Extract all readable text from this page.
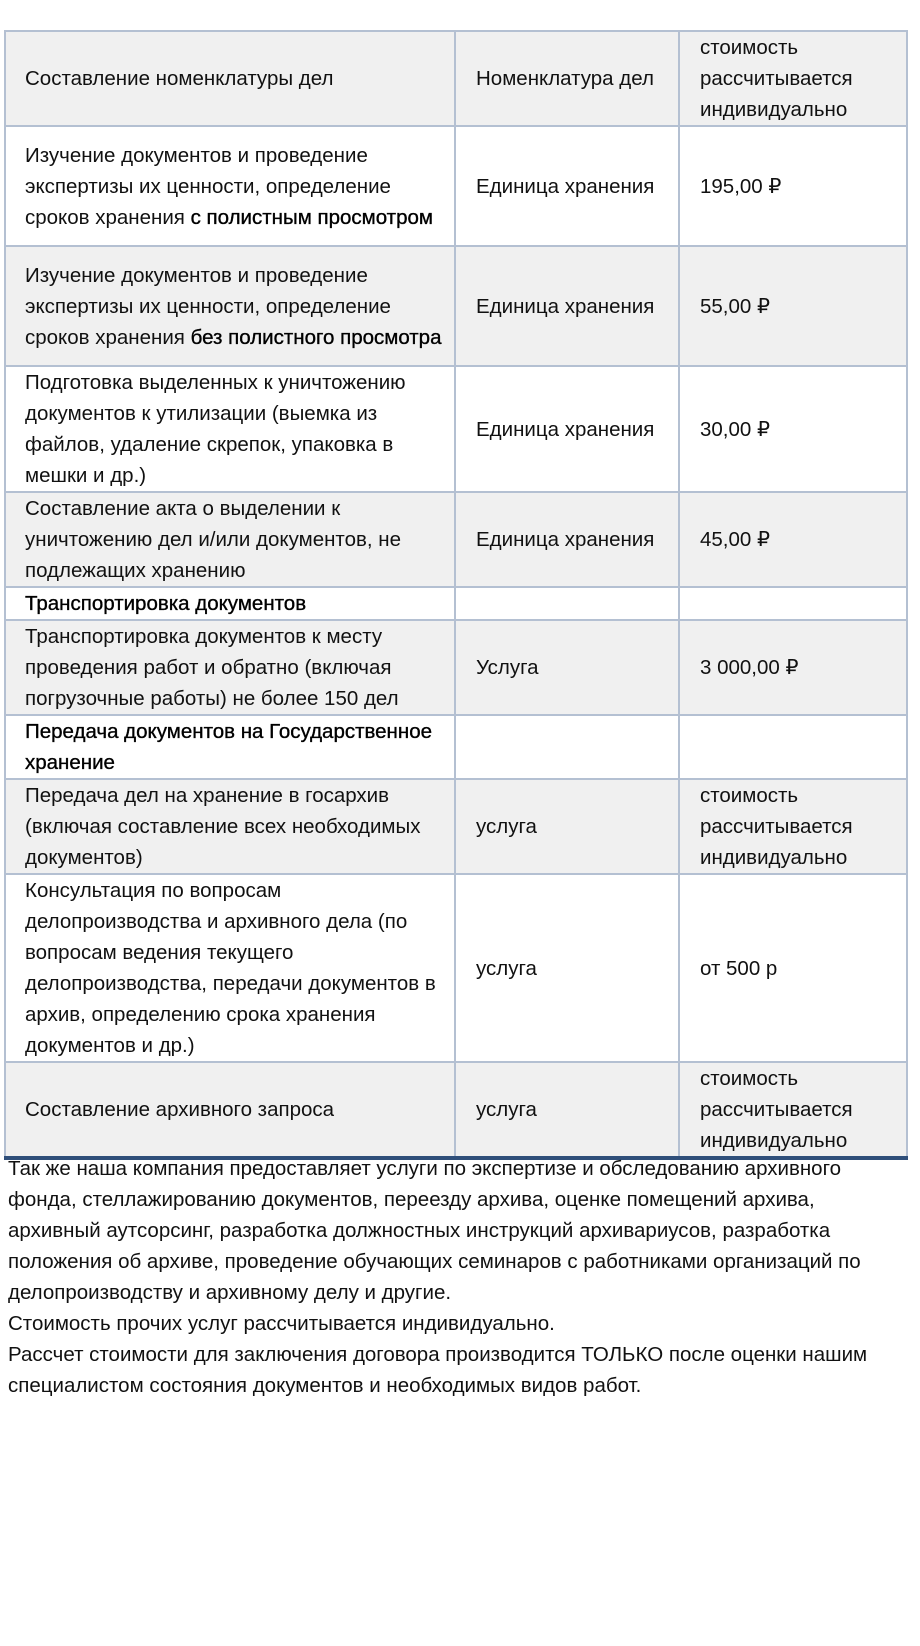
Составление номенклатуры дел	Номенклатура дел	стоимость рассчитывается индивидуально
Изучение документов и проведение экспертизы их ценности, определение сроков хранения с полистным просмотром	Единица хранения	195,00 ₽
Изучение документов и проведение экспертизы их ценности, определение сроков хранения без полистного просмотра	Единица хранения	55,00 ₽
Подготовка выделенных к уничтожению документов к утилизации (выемка из файлов, удаление скрепок, упаковка в мешки и др.)	Единица хранения	30,00 ₽
Составление акта о выделении к уничтожению дел и/или документов, не подлежащих хранению	Единица хранения	45,00 ₽
Транспортировка документов		
Транспортировка документов к месту проведения работ и обратно (включая погрузочные работы) не более 150 дел	Услуга	3 000,00 ₽
Передача документов на Государственное хранение		
Передача дел на хранение в госархив (включая составление всех необходимых документов)	услуга	стоимость рассчитывается индивидуально
Консультация по вопросам делопроизводства и архивного дела (по вопросам ведения текущего делопроизводства, передачи документов в архив, определению срока хранения документов и др.)	услуга	от 500 р
Составление архивного запроса	услуга	стоимость рассчитывается индивидуально

Так же наша компания предоставляет услуги по экспертизе и обследованию архивного фонда, стеллажированию документов, переезду архива, оценке помещений архива, архивный аутсорсинг, разработка должностных инструкций архивариусов, разработка положения об архиве, проведение обучающих семинаров с работниками организаций по делопроизводству и архивному делу и другие.

Стоимость прочих услуг рассчитывается индивидуально.

Рассчет стоимости для заключения договора производится ТОЛЬКО после оценки нашим специалистом состояния документов и необходимых видов работ.
